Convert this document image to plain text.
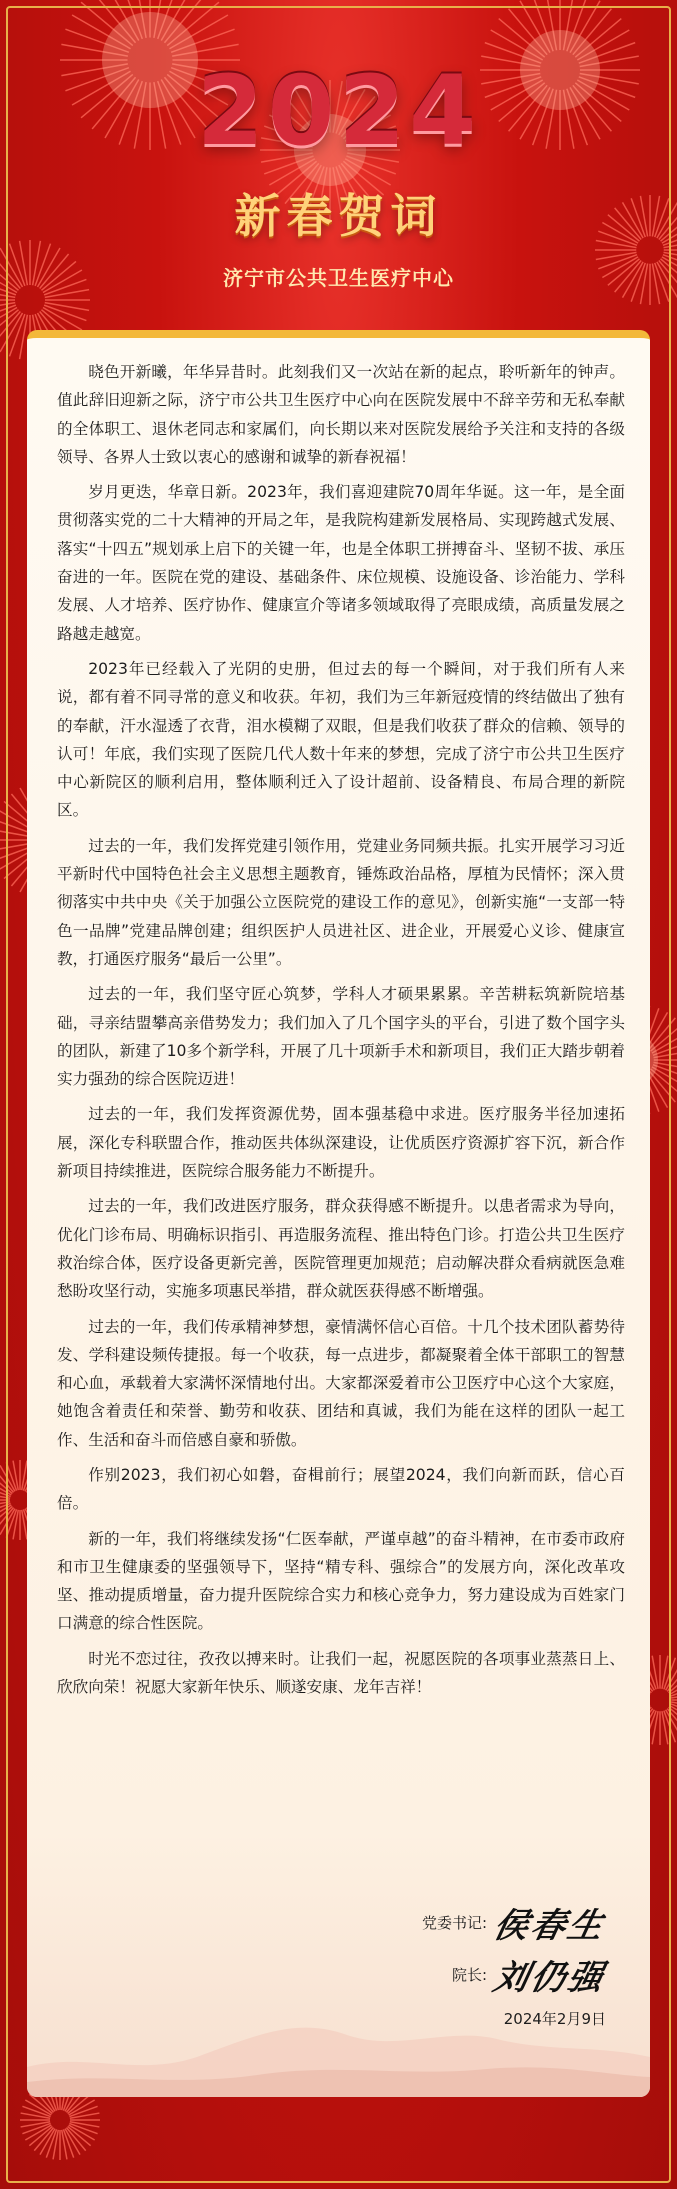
2024
新春贺词
济宁市公共卫生医疗中心

晓色开新曦，年华异昔时。此刻我们又一次站在新的起点，聆听新年的钟声。值此辞旧迎新之际，济宁市公共卫生医疗中心向在医院发展中不辞辛劳和无私奉献的全体职工、退休老同志和家属们，向长期以来对医院发展给予关注和支持的各级领导、各界人士致以衷心的感谢和诚挚的新春祝福！

岁月更迭，华章日新。2023年，我们喜迎建院70周年华诞。这一年，是全面贯彻落实党的二十大精神的开局之年，是我院构建新发展格局、实现跨越式发展、落实“十四五”规划承上启下的关键一年，也是全体职工拼搏奋斗、坚韧不拔、承压奋进的一年。医院在党的建设、基础条件、床位规模、设施设备、诊治能力、学科发展、人才培养、医疗协作、健康宣介等诸多领域取得了亮眼成绩，高质量发展之路越走越宽。

2023年已经载入了光阴的史册，但过去的每一个瞬间，对于我们所有人来说，都有着不同寻常的意义和收获。年初，我们为三年新冠疫情的终结做出了独有的奉献，汗水湿透了衣背，泪水模糊了双眼，但是我们收获了群众的信赖、领导的认可！年底，我们实现了医院几代人数十年来的梦想，完成了济宁市公共卫生医疗中心新院区的顺利启用，整体顺利迁入了设计超前、设备精良、布局合理的新院区。

过去的一年，我们发挥党建引领作用，党建业务同频共振。扎实开展学习习近平新时代中国特色社会主义思想主题教育，锤炼政治品格，厚植为民情怀；深入贯彻落实中共中央《关于加强公立医院党的建设工作的意见》，创新实施“一支部一特色一品牌”党建品牌创建；组织医护人员进社区、进企业，开展爱心义诊、健康宣教，打通医疗服务“最后一公里”。

过去的一年，我们坚守匠心筑梦，学科人才硕果累累。辛苦耕耘筑新院培基础，寻亲结盟攀高亲借势发力；我们加入了几个国字头的平台，引进了数个国字头的团队，新建了10多个新学科，开展了几十项新手术和新项目，我们正大踏步朝着实力强劲的综合医院迈进！

过去的一年，我们发挥资源优势，固本强基稳中求进。医疗服务半径加速拓展，深化专科联盟合作，推动医共体纵深建设，让优质医疗资源扩容下沉，新合作新项目持续推进，医院综合服务能力不断提升。

过去的一年，我们改进医疗服务，群众获得感不断提升。以患者需求为导向，优化门诊布局、明确标识指引、再造服务流程、推出特色门诊。打造公共卫生医疗救治综合体，医疗设备更新完善，医院管理更加规范；启动解决群众看病就医急难愁盼攻坚行动，实施多项惠民举措，群众就医获得感不断增强。

过去的一年，我们传承精神梦想，豪情满怀信心百倍。十几个技术团队蓄势待发、学科建设频传捷报。每一个收获，每一点进步，都凝聚着全体干部职工的智慧和心血，承载着大家满怀深情地付出。大家都深爱着市公卫医疗中心这个大家庭，她饱含着责任和荣誉、勤劳和收获、团结和真诚，我们为能在这样的团队一起工作、生活和奋斗而倍感自豪和骄傲。

作别2023，我们初心如磐，奋楫前行；展望2024，我们向新而跃，信心百倍。

新的一年，我们将继续发扬“仁医奉献，严谨卓越”的奋斗精神，在市委市政府和市卫生健康委的坚强领导下，坚持“精专科、强综合”的发展方向，深化改革攻坚、推动提质增量，奋力提升医院综合实力和核心竞争力，努力建设成为百姓家门口满意的综合性医院。

时光不恋过往，孜孜以搏来时。让我们一起，祝愿医院的各项事业蒸蒸日上、欣欣向荣！祝愿大家新年快乐、顺遂安康、龙年吉祥！

党委书记:侯春生
院长:刘仍强
2024年2月9日
